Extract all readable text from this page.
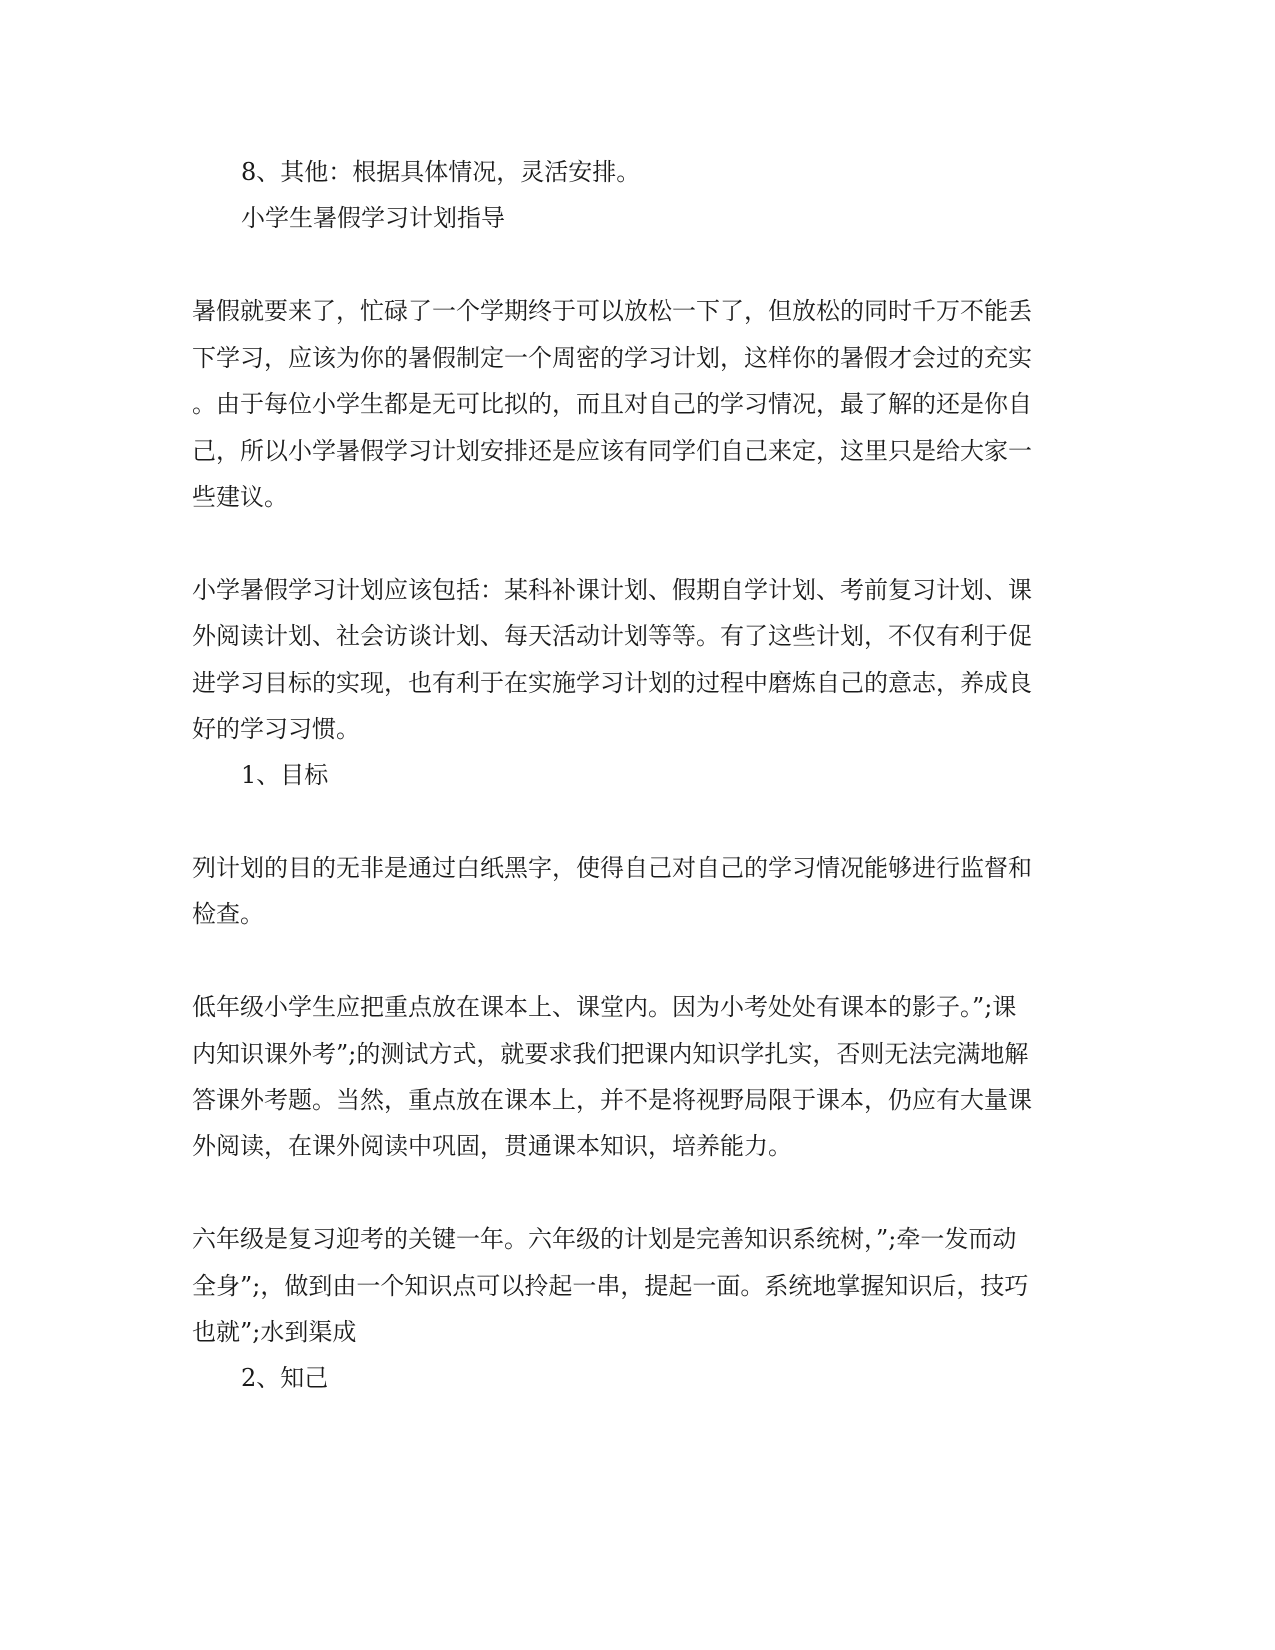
8、其他：根据具体情况，灵活安排。
小学生暑假学习计划指导
暑假就要来了，忙碌了一个学期终于可以放松一下了，但放松的同时千万不能丢
下学习，应该为你的暑假制定一个周密的学习计划，这样你的暑假才会过的充实
。由于每位小学生都是无可比拟的，而且对自己的学习情况，最了解的还是你自
己，所以小学暑假学习计划安排还是应该有同学们自己来定，这里只是给大家一
些建议。
小学暑假学习计划应该包括：某科补课计划、假期自学计划、考前复习计划、课
外阅读计划、社会访谈计划、每天活动计划等等。有了这些计划，不仅有利于促
进学习目标的实现，也有利于在实施学习计划的过程中磨炼自己的意志，养成良
好的学习习惯。
1、目标
列计划的目的无非是通过白纸黑字，使得自己对自己的学习情况能够进行监督和
检查。
低年级小学生应把重点放在课本上、课堂内。因为小考处处有课本的影子。”;课
内知识课外考”;的测试方式，就要求我们把课内知识学扎实，否则无法完满地解
答课外考题。当然，重点放在课本上，并不是将视野局限于课本，仍应有大量课
外阅读，在课外阅读中巩固，贯通课本知识，培养能力。
六年级是复习迎考的关键一年。六年级的计划是完善知识系统树，”;牵一发而动
全身”;，做到由一个知识点可以拎起一串，提起一面。系统地掌握知识后，技巧
也就”;水到渠成
2、知己
